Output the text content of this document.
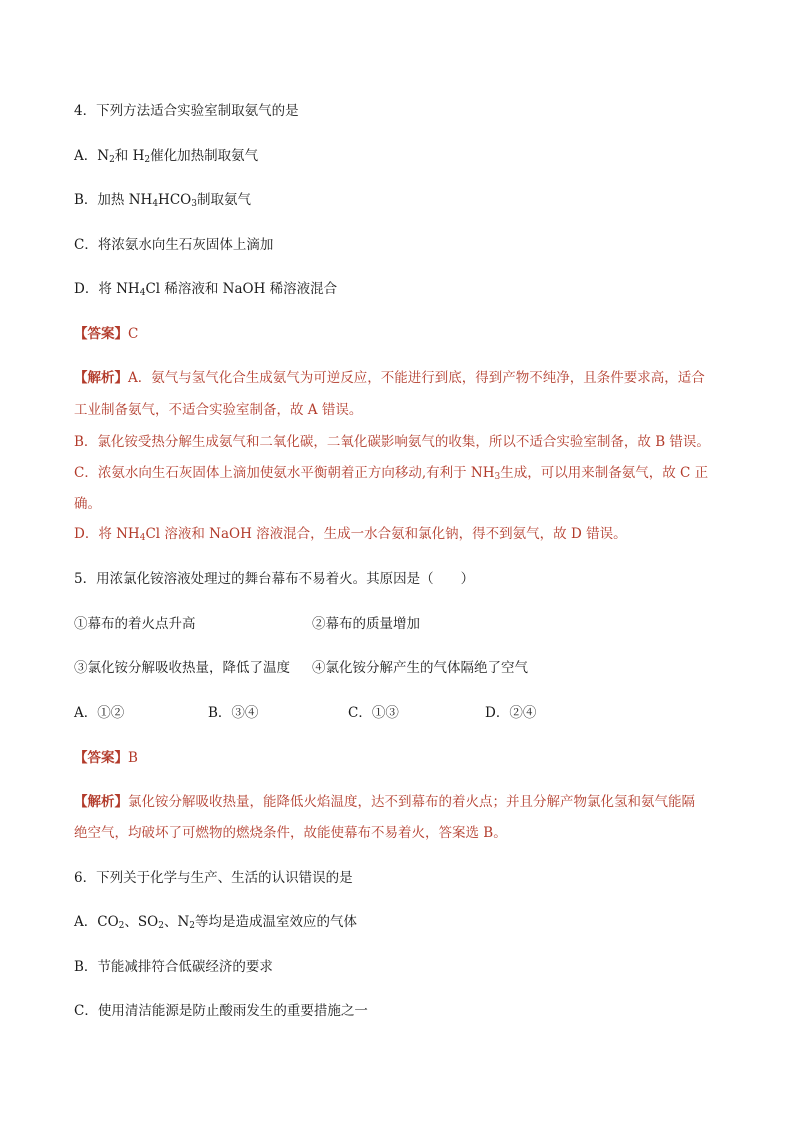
4．下列方法适合实验室制取氨气的是
A．$N_2$和 $H_2$催化加热制取氨气
B．加热 $NH_4HCO_3$制取氨气
C．将浓氨水向生石灰固体上滴加
D．将 $NH_4Cl$ 稀溶液和 NaOH 稀溶液混合
【答案】C
【解析】A．氨气与氢气化合生成氨气为可逆反应，不能进行到底，得到产物不纯净，且条件要求高，适合
工业制备氨气，不适合实验室制备，故 A 错误。
B．氯化铵受热分解生成氨气和二氧化碳，二氧化碳影响氨气的收集，所以不适合实验室制备，故 B 错误。
C．浓氨水向生石灰固体上滴加使氨水平衡朝着正方向移动,有利于 $NH_3$生成，可以用来制备氨气，故 C 正
确。
D．将 $NH_4Cl$ 溶液和 NaOH 溶液混合，生成一水合氨和氯化钠，得不到氨气，故 D 错误。
5．用浓氯化铵溶液处理过的舞台幕布不易着火。其原因是（　　）
①幕布的着火点升高	②幕布的质量增加
③氯化铵分解吸收热量，降低了温度 ④氯化铵分解产生的气体隔绝了空气
A．①②	B．③④	C．①③	D．②④
【答案】B
【解析】氯化铵分解吸收热量，能降低火焰温度，达不到幕布的着火点；并且分解产物氯化氢和氨气能隔
绝空气，均破坏了可燃物的燃烧条件，故能使幕布不易着火，答案选 B。
6．下列关于化学与生产、生活的认识错误的是
A．$CO_2$、$SO_2$、$N_2$等均是造成温室效应的气体
B．节能减排符合低碳经济的要求
C．使用清洁能源是防止酸雨发生的重要措施之一
